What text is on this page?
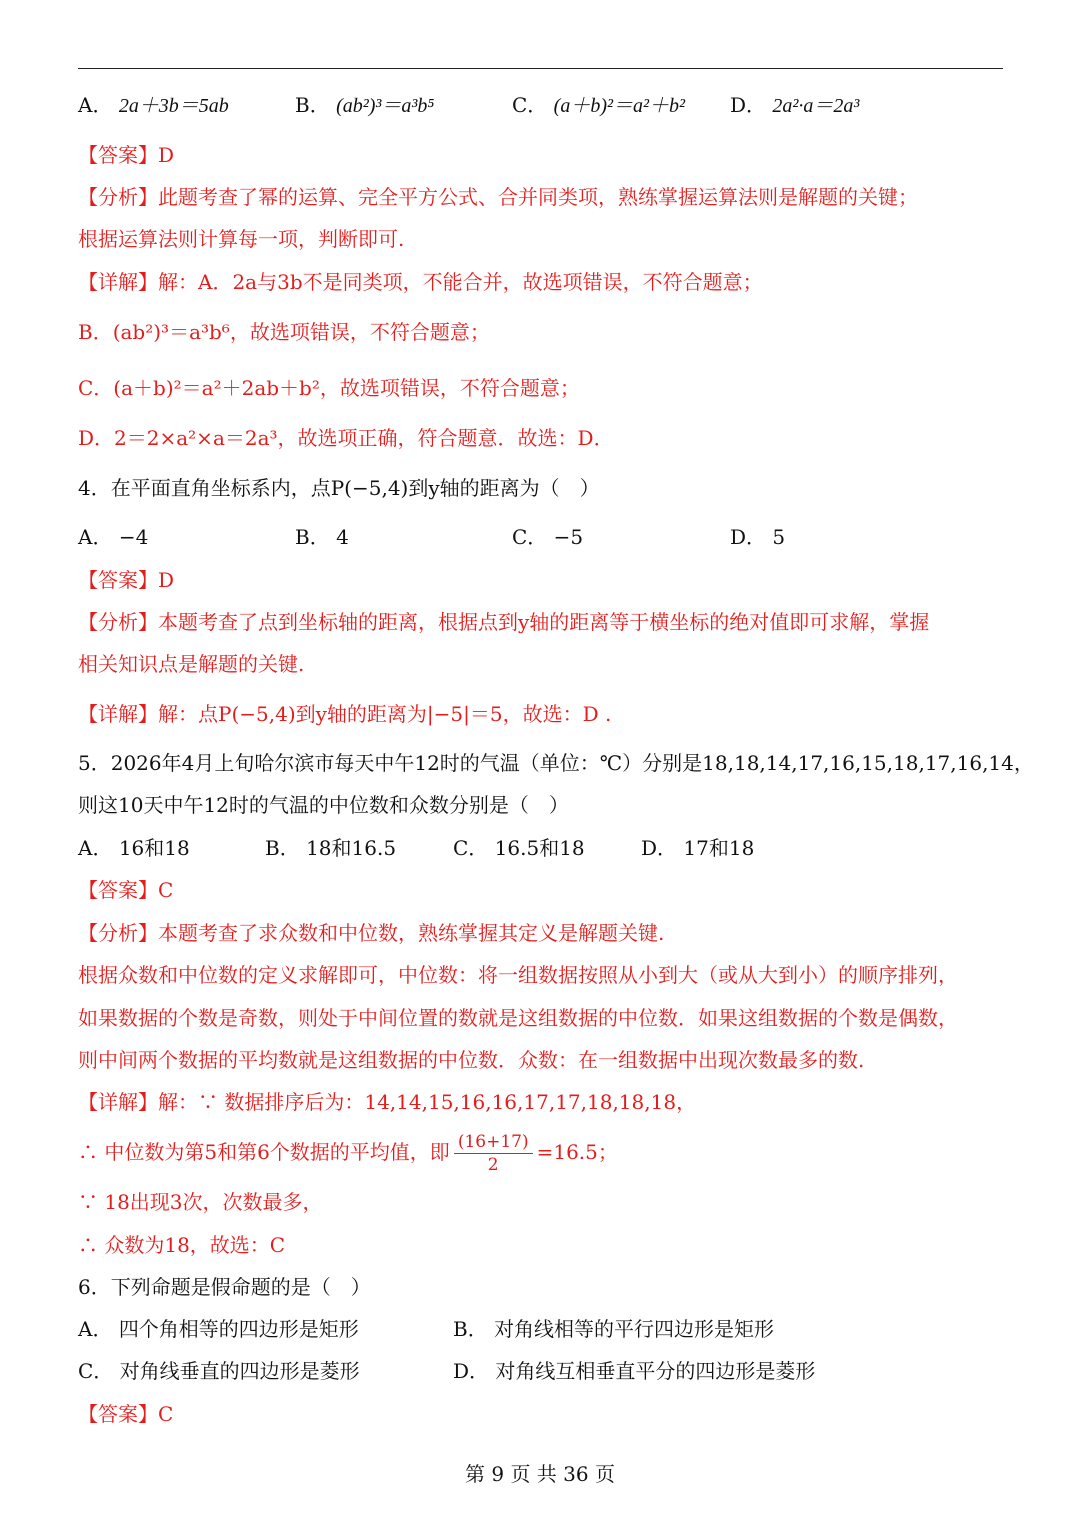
A． 2a＋3b＝5ab	B． (ab²)³＝a³b⁵	C． (a＋b)²＝a²＋b² D． 2a²·a＝2a³
【答案】D
【分析】此题考查了幂的运算、完全平方公式、合并同类项，熟练掌握运算法则是解题的关键；
根据运算法则计算每一项，判断即可.
【详解】解：A．2a与3b不是同类项，不能合并，故选项错误，不符合题意；
B．(ab²)³＝a³b⁶，故选项错误，不符合题意；
C．(a＋b)²＝a²＋2ab＋b²，故选项错误，不符合题意；
D．2＝2×a²×a＝2a³，故选项正确，符合题意．故选：D．
4．在平面直角坐标系内，点P(−5,4)到y轴的距离为（　）
A． −4	B． 4	C． −5	D． 5
【答案】D
【分析】本题考查了点到坐标轴的距离，根据点到y轴的距离等于横坐标的绝对值即可求解，掌握
相关知识点是解题的关键.
【详解】解：点P(−5,4)到y轴的距离为|−5|＝5，故选：D .
5．2026年4月上旬哈尔滨市每天中午12时的气温（单位：℃）分别是18,18,14,17,16,15,18,17,16,14，
则这10天中午12时的气温的中位数和众数分别是（　）
A． 16和18	B． 18和16.5	C． 16.5和18	D． 17和18
【答案】C
【分析】本题考查了求众数和中位数，熟练掌握其定义是解题关键.
根据众数和中位数的定义求解即可，中位数：将一组数据按照从小到大（或从大到小）的顺序排列，
如果数据的个数是奇数，则处于中间位置的数就是这组数据的中位数．如果这组数据的个数是偶数，
则中间两个数据的平均数就是这组数据的中位数．众数：在一组数据中出现次数最多的数.
【详解】解：∵ 数据排序后为：14,14,15,16,16,17,17,18,18,18，
∴ 中位数为第5和第6个数据的平均值，即 $\frac{(16+17)}{2} =16.5$；
∵ 18出现3次，次数最多，
∴ 众数为18，故选：C
6．下列命题是假命题的是（　）
A． 四个角相等的四边形是矩形	B． 对角线相等的平行四边形是矩形
C． 对角线垂直的四边形是菱形	D． 对角线互相垂直平分的四边形是菱形
【答案】C
第 9 页 共 36 页
